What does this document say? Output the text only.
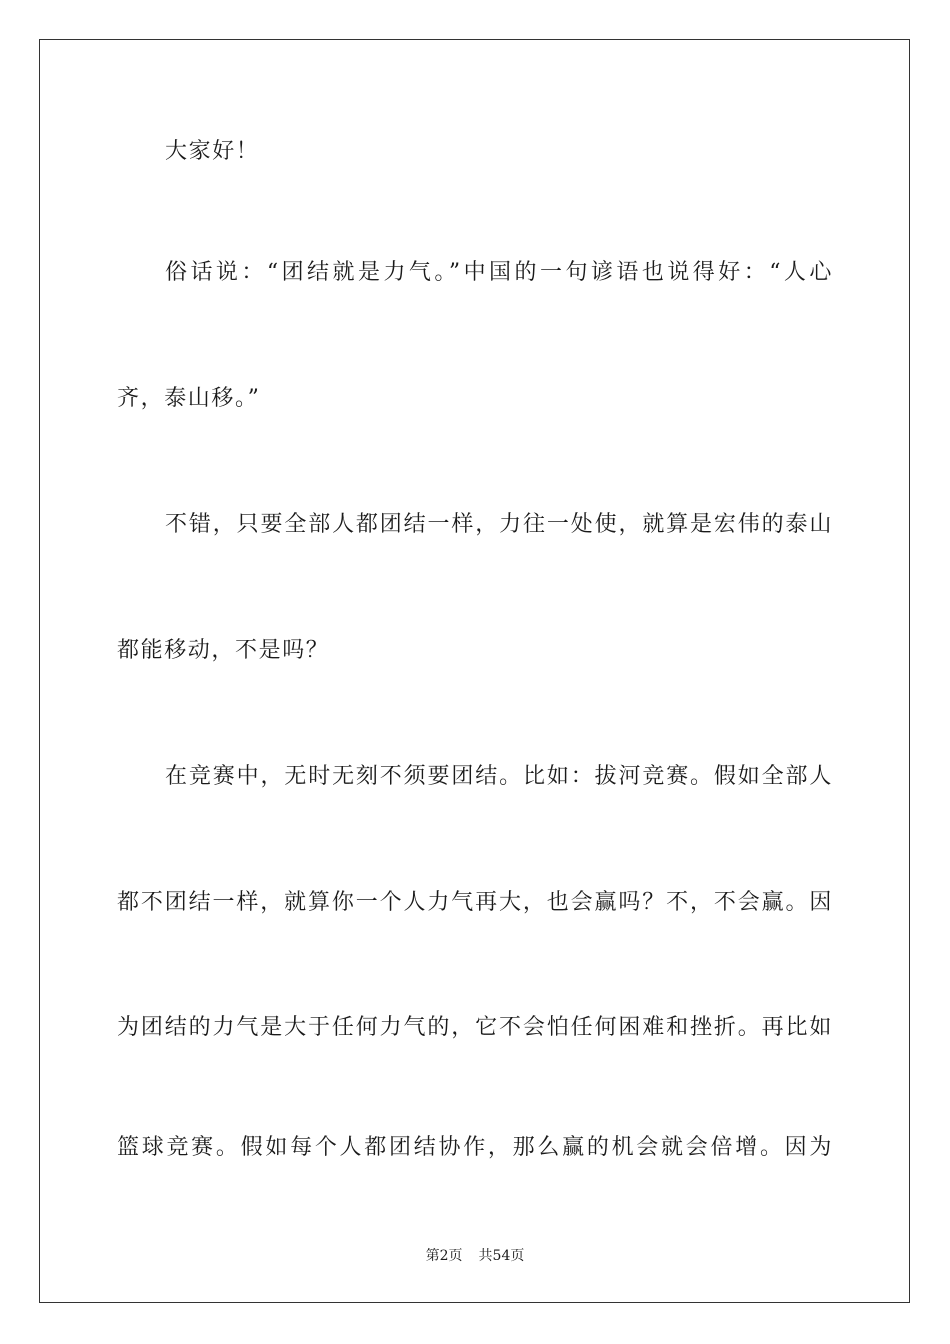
大家好！
俗话说：“团结就是力气。”中国的一句谚语也说得好：“人心
齐，泰山移。”
不错，只要全部人都团结一样，力往一处使，就算是宏伟的泰山
都能移动，不是吗？
在竞赛中，无时无刻不须要团结。比如：拔河竞赛。假如全部人
都不团结一样，就算你一个人力气再大，也会赢吗？不，不会赢。因
为团结的力气是大于任何力气的，它不会怕任何困难和挫折。再比如
篮球竞赛。假如每个人都团结协作，那么赢的机会就会倍增。因为
第2页 共54页
